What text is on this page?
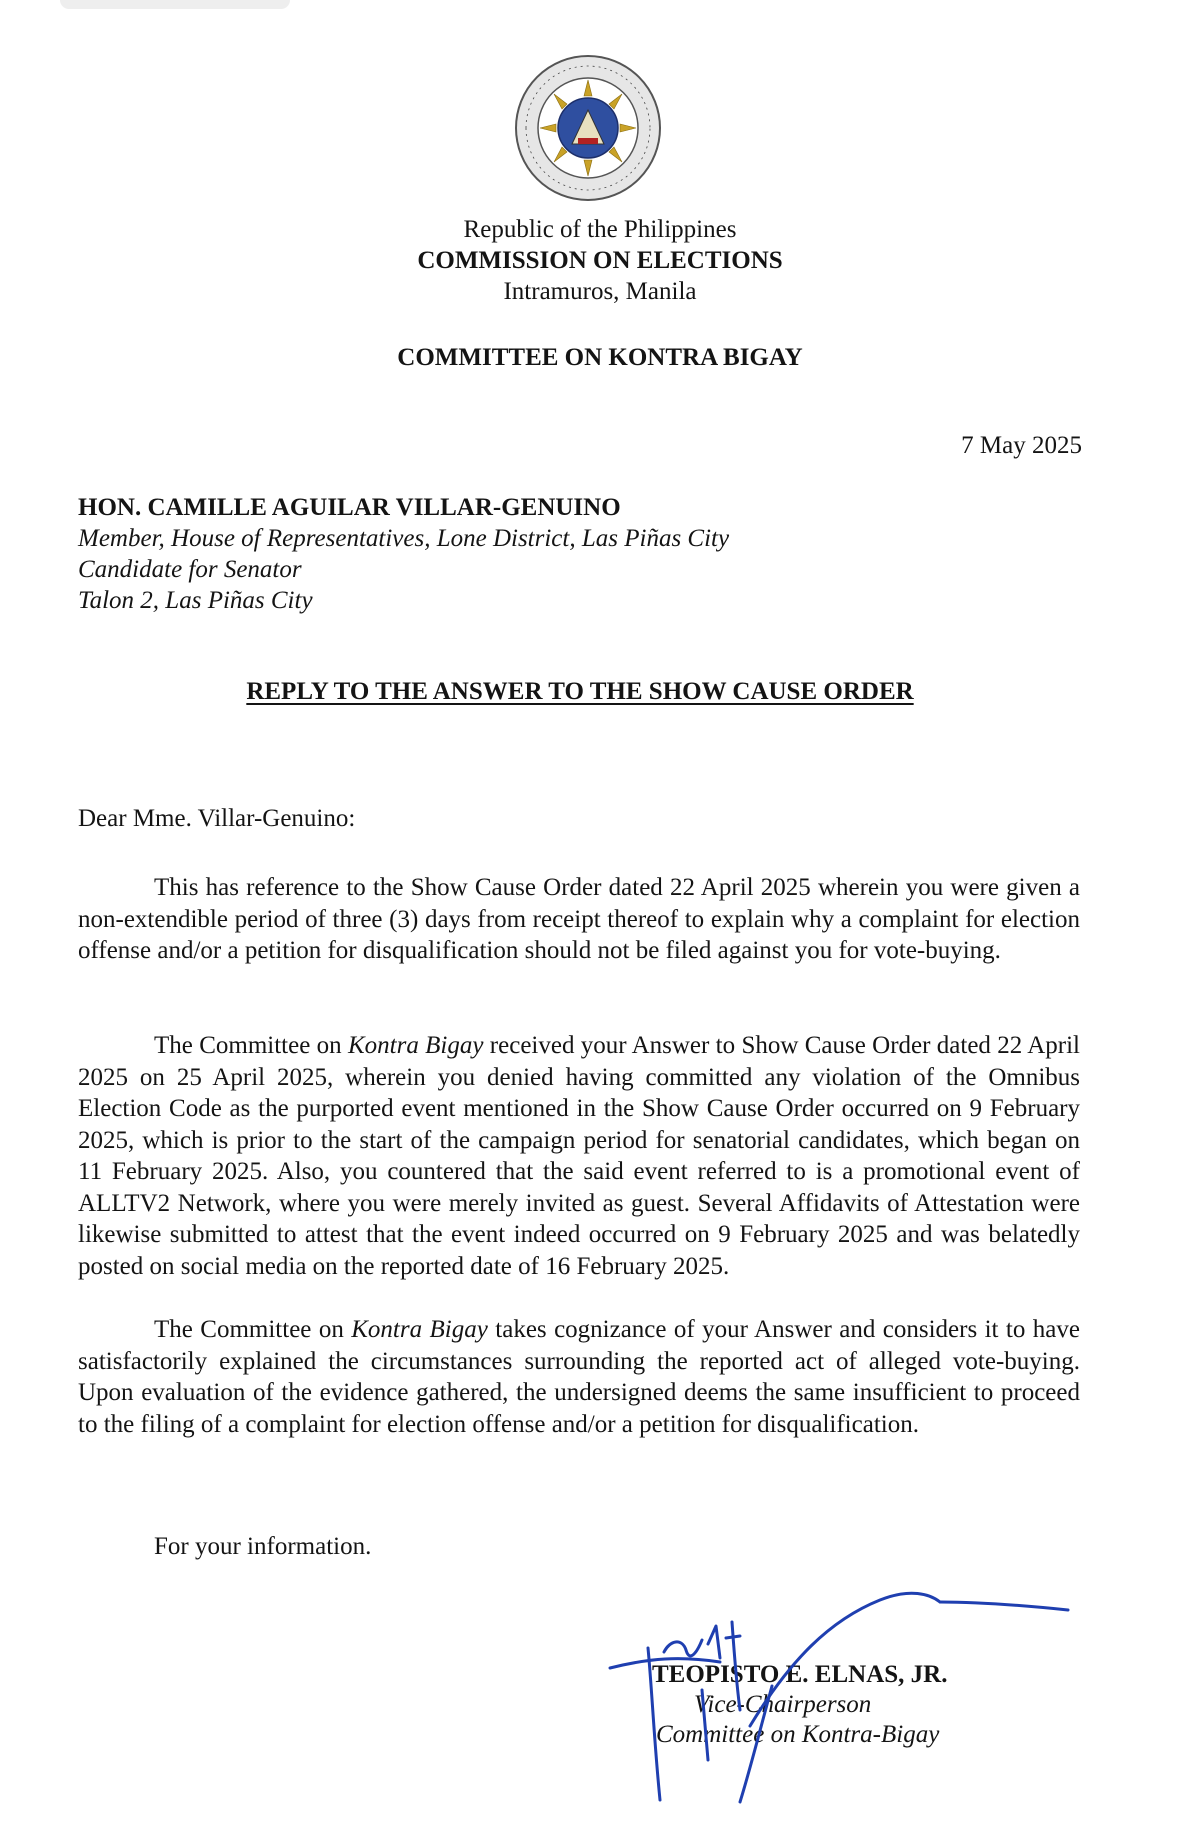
Republic of the Philippines
COMMISSION ON ELECTIONS
Intramuros, Manila
COMMITTEE ON KONTRA BIGAY
7 May 2025
HON. CAMILLE AGUILAR VILLAR-GENUINO
Member, House of Representatives, Lone District, Las Piñas City
Candidate for Senator
Talon 2, Las Piñas City
REPLY TO THE ANSWER TO THE SHOW CAUSE ORDER
Dear Mme. Villar-Genuino:

This has reference to the Show Cause Order dated 22 April 2025 wherein you were given a non-extendible period of three (3) days from receipt thereof to explain why a complaint for election offense and/or a petition for disqualification should not be filed against you for vote-buying.

The Committee on Kontra Bigay received your Answer to Show Cause Order dated 22 April 2025 on 25 April 2025, wherein you denied having committed any violation of the Omnibus Election Code as the purported event mentioned in the Show Cause Order occurred on 9 February 2025, which is prior to the start of the campaign period for senatorial candidates, which began on 11 February 2025. Also, you countered that the said event referred to is a promotional event of ALLTV2 Network, where you were merely invited as guest. Several Affidavits of Attestation were likewise submitted to attest that the event indeed occurred on 9 February 2025 and was belatedly posted on social media on the reported date of 16 February 2025.

The Committee on Kontra Bigay takes cognizance of your Answer and considers it to have satisfactorily explained the circumstances surrounding the reported act of alleged vote-buying. Upon evaluation of the evidence gathered, the undersigned deems the same insufficient to proceed to the filing of a complaint for election offense and/or a petition for disqualification.

For your information.
TEOPISTO E. ELNAS, JR.
Vice-Chairperson
Committee on Kontra-Bigay
